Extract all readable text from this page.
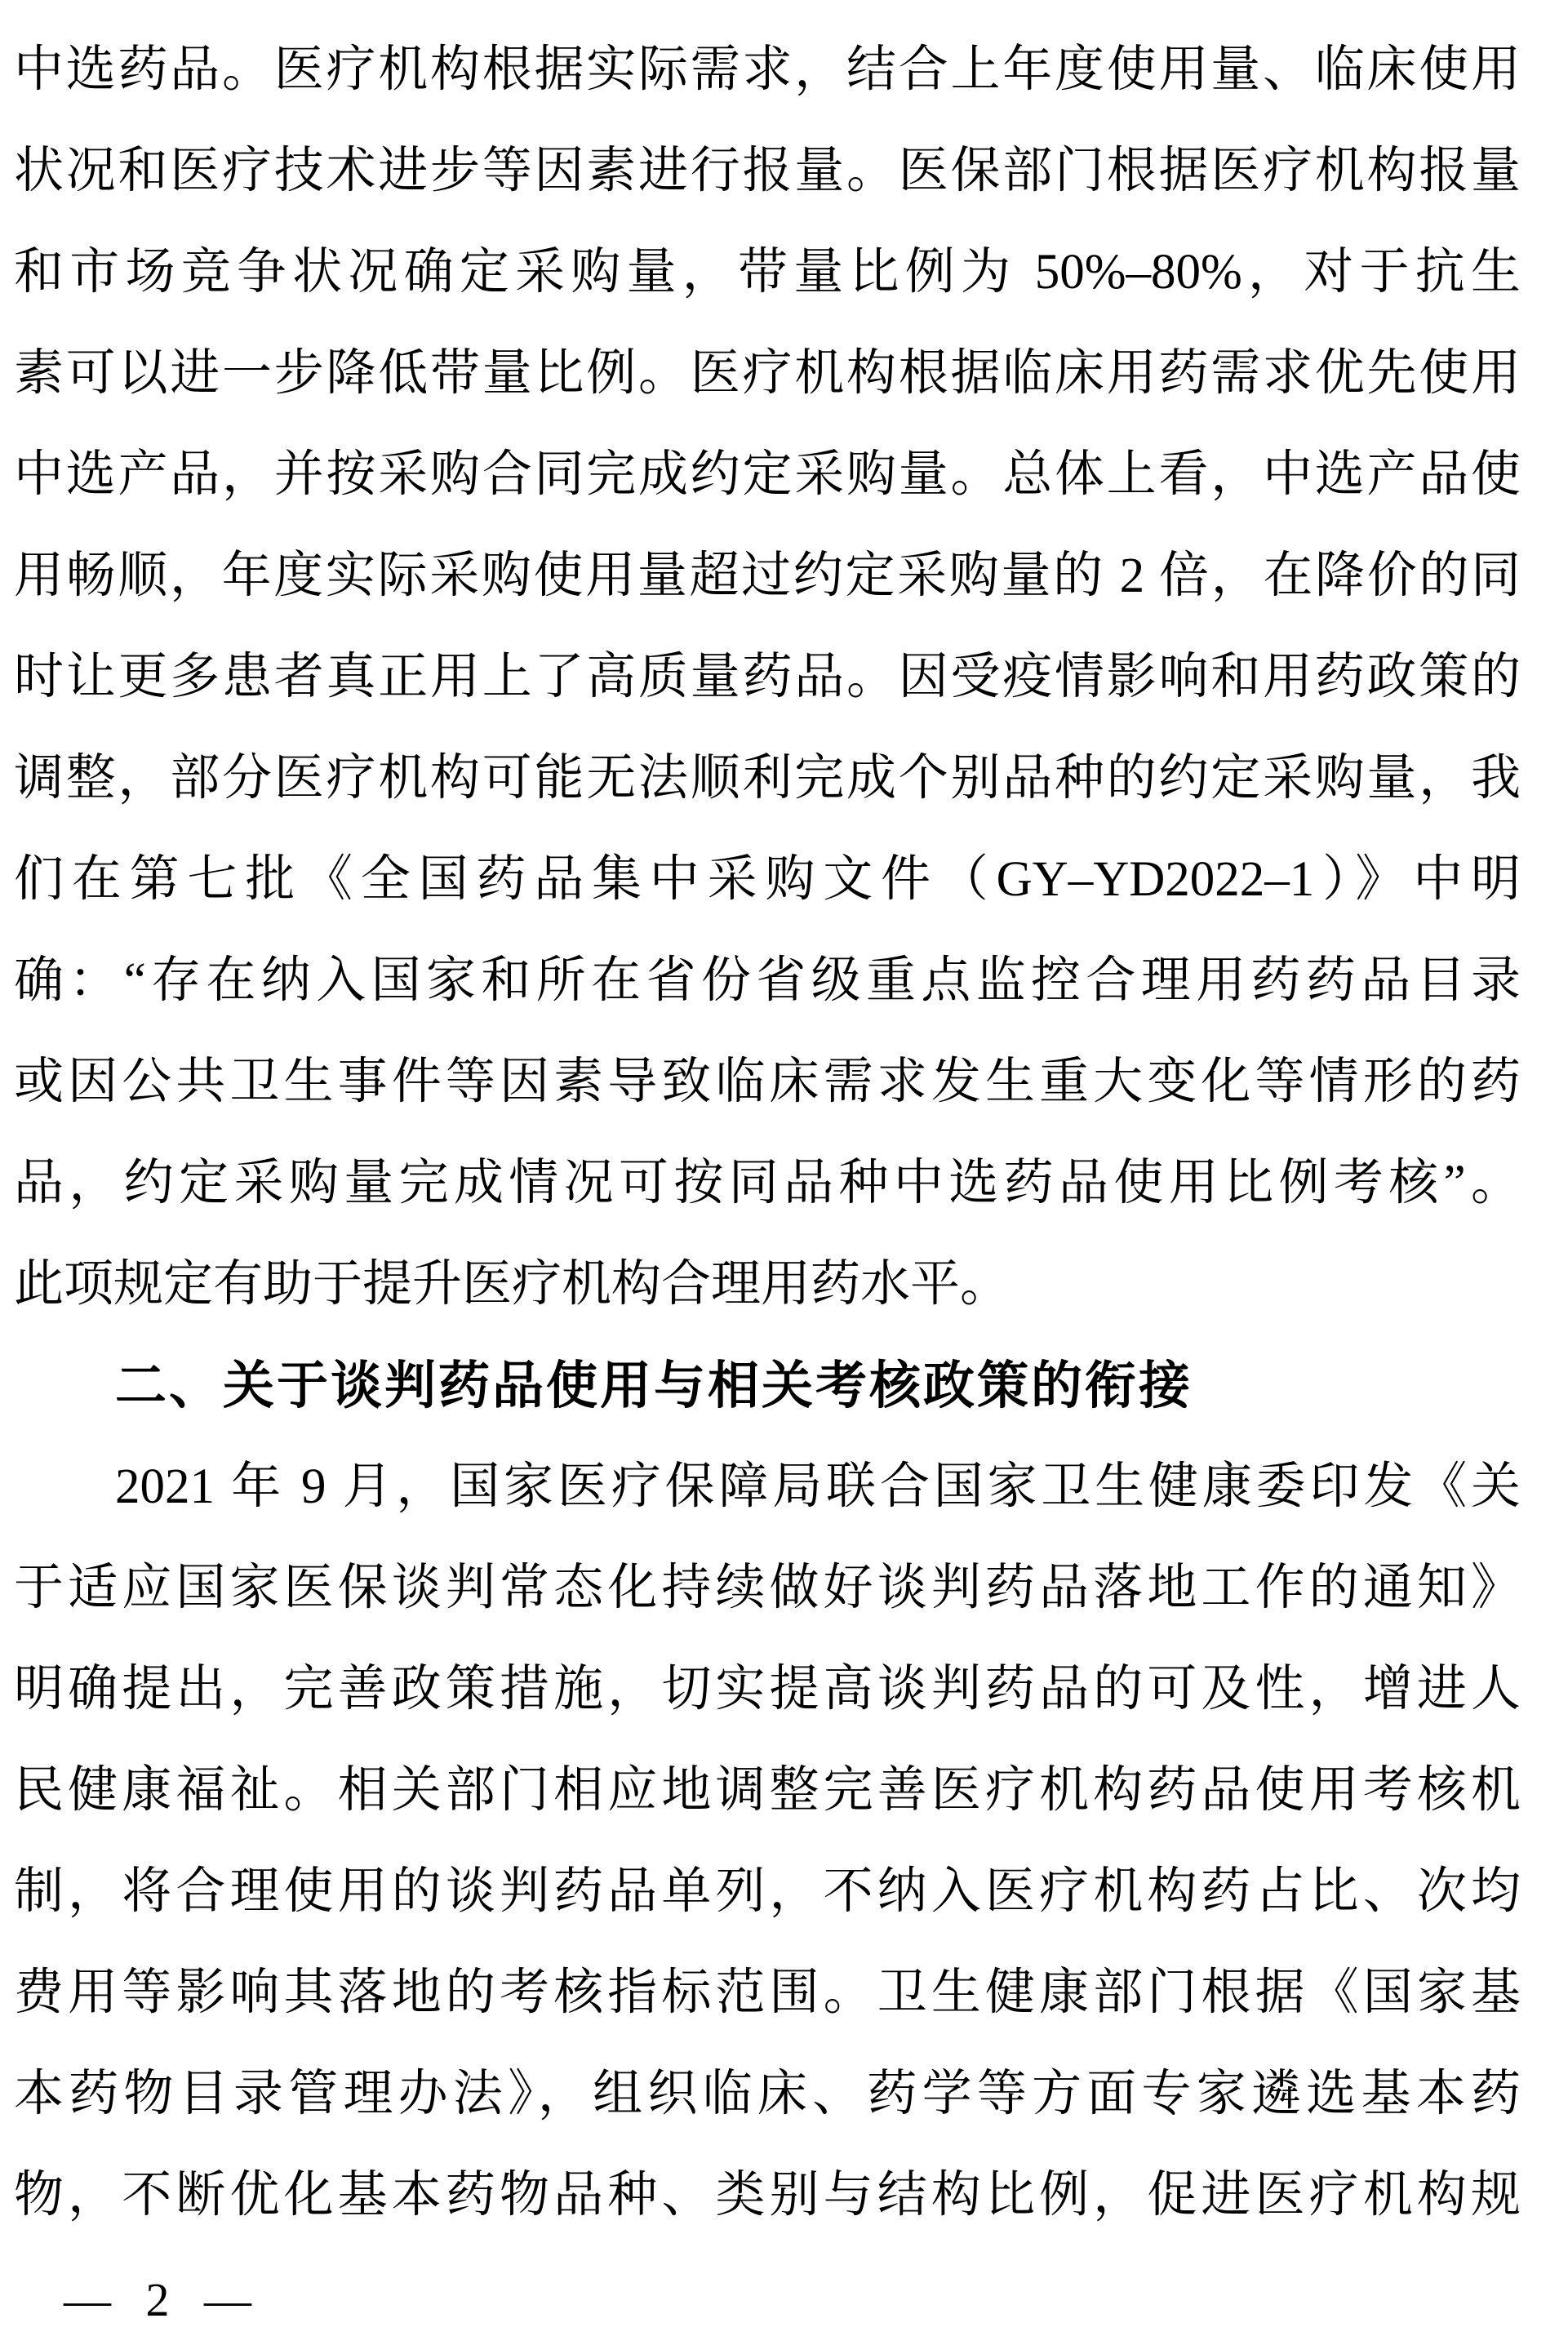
中选药品。医疗机构根据实际需求，结合上年度使用量、临床使用
状况和医疗技术进步等因素进行报量。医保部门根据医疗机构报量
和市场竞争状况确定采购量，带量比例为 50%–80%，对于抗生
素可以进一步降低带量比例。医疗机构根据临床用药需求优先使用
中选产品，并按采购合同完成约定采购量。总体上看，中选产品使
用畅顺，年度实际采购使用量超过约定采购量的 2 倍，在降价的同
时让更多患者真正用上了高质量药品。因受疫情影响和用药政策的
调整，部分医疗机构可能无法顺利完成个别品种的约定采购量，我
们在第七批《全国药品集中采购文件（GY–YD2022–1）》中明
确：“存在纳入国家和所在省份省级重点监控合理用药药品目录
或因公共卫生事件等因素导致临床需求发生重大变化等情形的药
品，约定采购量完成情况可按同品种中选药品使用比例考核”。
此项规定有助于提升医疗机构合理用药水平。
二、关于谈判药品使用与相关考核政策的衔接
2021 年 9 月，国家医疗保障局联合国家卫生健康委印发《关
于适应国家医保谈判常态化持续做好谈判药品落地工作的通知》
明确提出，完善政策措施，切实提高谈判药品的可及性，增进人
民健康福祉。相关部门相应地调整完善医疗机构药品使用考核机
制，将合理使用的谈判药品单列，不纳入医疗机构药占比、次均
费用等影响其落地的考核指标范围。卫生健康部门根据《国家基
本药物目录管理办法》，组织临床、药学等方面专家遴选基本药
物，不断优化基本药物品种、类别与结构比例，促进医疗机构规
— 2 —
